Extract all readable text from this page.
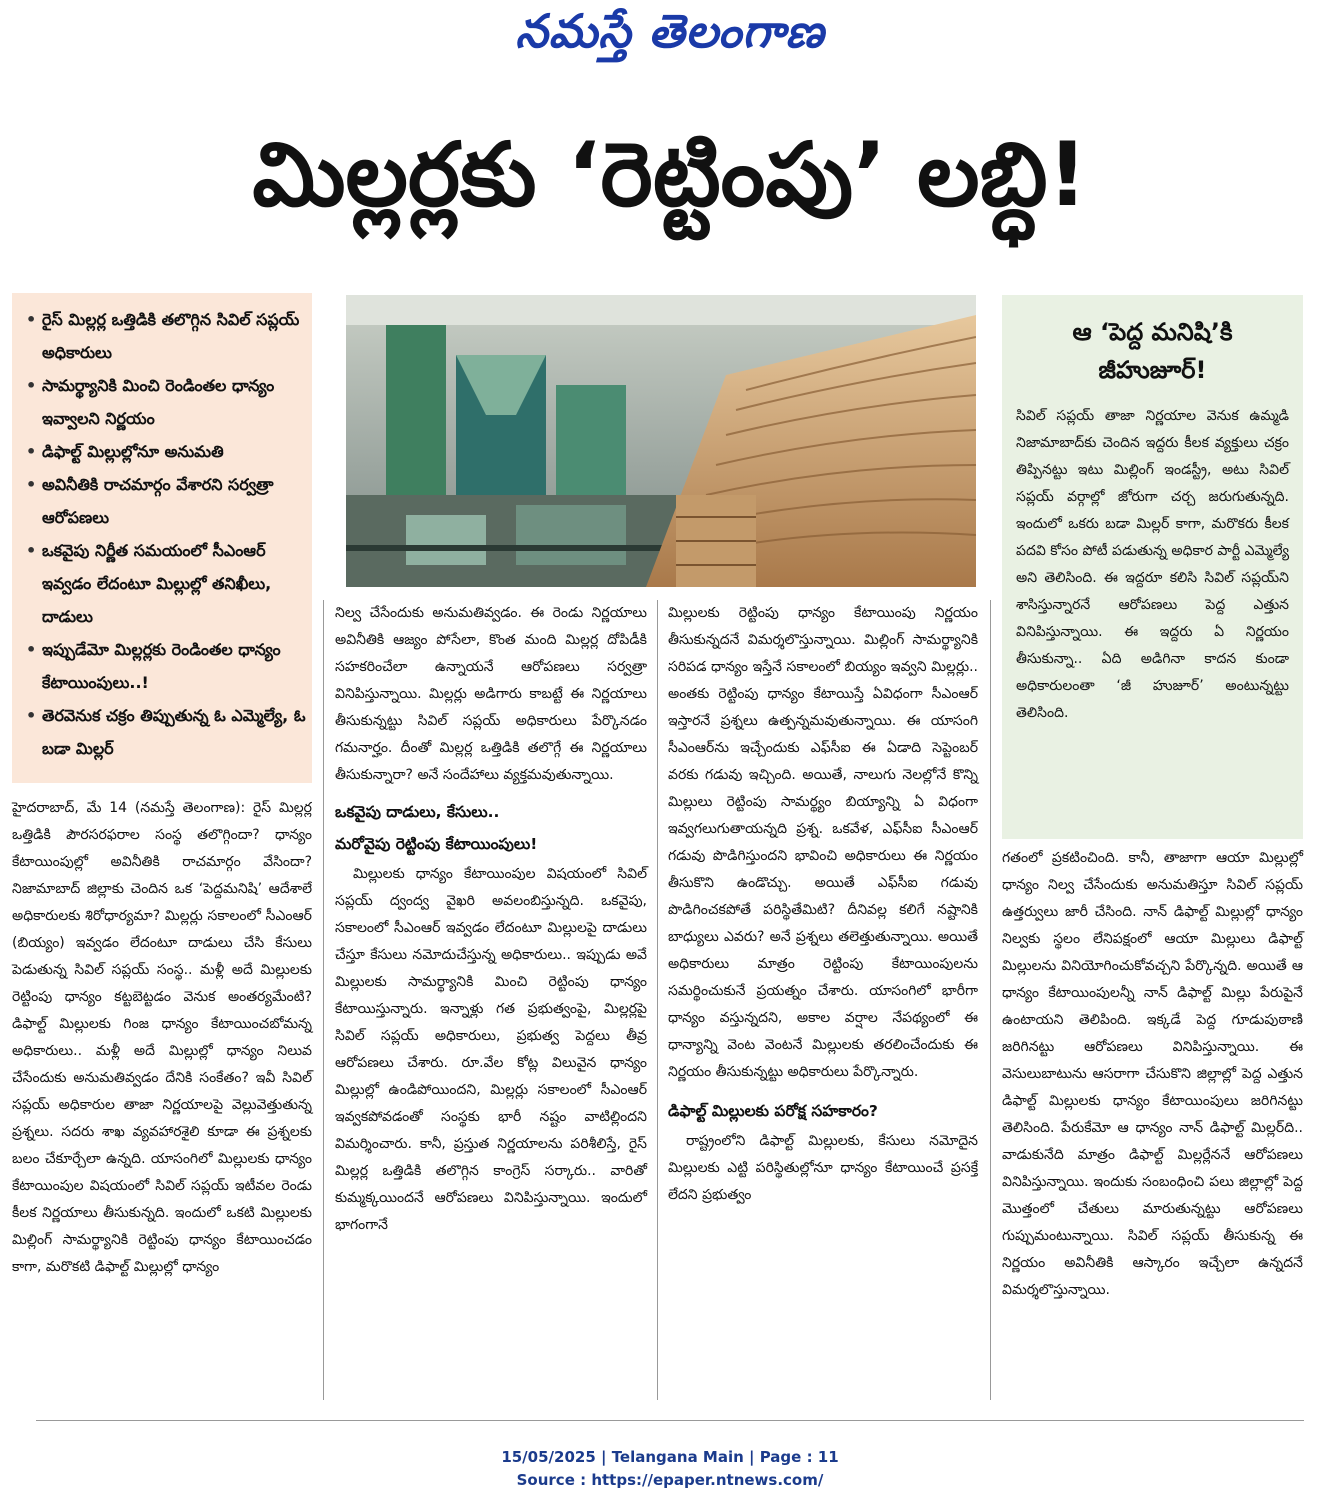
నమస్తే తెలంగాణ
మిల్లర్లకు ‘రెట్టింపు’ లబ్ధి!
• రైస్ మిల్లర్ల ఒత్తిడికి తలొగ్గిన సివిల్ సప్లయ్ అధికారులు
• సామర్థ్యానికి మించి రెండింతల ధాన్యం ఇవ్వాలని నిర్ణయం
• డిఫాల్ట్ మిల్లుల్లోనూ అనుమతి
• అవినీతికి రాచమార్గం వేశారని సర్వత్రా ఆరోపణలు
• ఒకవైపు నిర్ణీత సమయంలో సీఎంఆర్ ఇవ్వడం లేదంటూ మిల్లుల్లో తనిఖీలు, దాడులు
• ఇప్పుడేమో మిల్లర్లకు రెండింతల ధాన్యం కేటాయింపులు..!
• తెరవెనుక చక్రం తిప్పుతున్న ఓ ఎమ్మెల్యే, ఓ బడా మిల్లర్
ఆ ‘పెద్ద మనిషి’కి జీహుజూర్!
సివిల్ సప్లయ్ తాజా నిర్ణయాల వెనుక ఉమ్మడి నిజామాబాద్‌కు చెందిన ఇద్దరు కీలక వ్యక్తులు చక్రం తిప్పినట్టు ఇటు మిల్లింగ్ ఇండస్ట్రీ, అటు సివిల్ సప్లయ్ వర్గాల్లో జోరుగా చర్చ జరుగుతున్నది. ఇందులో ఒకరు బడా మిల్లర్ కాగా, మరొకరు కీలక పదవి కోసం పోటీ పడుతున్న అధికార పార్టీ ఎమ్మెల్యే అని తెలిసింది. ఈ ఇద్దరూ కలిసి సివిల్ సప్లయ్‌ని శాసిస్తున్నారనే ఆరోపణలు పెద్ద ఎత్తున వినిపిస్తున్నాయి. ఈ ఇద్దరు ఏ నిర్ణయం తీసుకున్నా.. ఏది అడిగినా కాదన కుండా అధికారులంతా ‘జీ హుజూర్’ అంటున్నట్టు తెలిసింది.

హైదరాబాద్, మే 14 (నమస్తే తెలంగాణ): రైస్ మిల్లర్ల ఒత్తిడికి పౌరసరఫరాల సంస్థ తలొగ్గిందా? ధాన్యం కేటాయింపుల్లో అవినీతికి రాచమార్గం వేసిందా? నిజామాబాద్ జిల్లాకు చెందిన ఒక ‘పెద్దమనిషి’ ఆదేశాలే అధికారులకు శిరోధార్యమా? మిల్లర్లు సకాలంలో సీఎంఆర్ (బియ్యం) ఇవ్వడం లేదంటూ దాడులు చేసి కేసులు పెడుతున్న సివిల్ సప్లయ్ సంస్థ.. మళ్లీ అదే మిల్లులకు రెట్టింపు ధాన్యం కట్టబెట్టడం వెనుక అంతర్యమేంటి? డిఫాల్ట్ మిల్లులకు గింజ ధాన్యం కేటాయించబోమన్న అధికారులు.. మళ్లీ అదే మిల్లుల్లో ధాన్యం నిలువ చేసేందుకు అనుమతివ్వడం దేనికి సంకేతం? ఇవీ సివిల్ సప్లయ్ అధికారుల తాజా నిర్ణయాలపై వెల్లువెత్తుతున్న ప్రశ్నలు. సదరు శాఖ వ్యవహారశైలి కూడా ఈ ప్రశ్నలకు బలం చేకూర్చేలా ఉన్నది. యాసంగిలో మిల్లులకు ధాన్యం కేటాయింపుల విషయంలో సివిల్ సప్లయ్ ఇటీవల రెండు కీలక నిర్ణయాలు తీసుకున్నది. ఇందులో ఒకటి మిల్లులకు మిల్లింగ్ సామర్థ్యానికి రెట్టింపు ధాన్యం కేటాయించడం కాగా, మరొకటి డిఫాల్ట్ మిల్లుల్లో ధాన్యం

నిల్వ చేసేందుకు అనుమతివ్వడం. ఈ రెండు నిర్ణయాలు అవినీతికి ఆజ్యం పోసేలా, కొంత మంది మిల్లర్ల దోపిడీకి సహకరించేలా ఉన్నాయనే ఆరోపణలు సర్వత్రా వినిపిస్తున్నాయి. మిల్లర్లు అడిగారు కాబట్టే ఈ నిర్ణయాలు తీసుకున్నట్టు సివిల్ సప్లయ్ అధికారులు పేర్కొనడం గమనార్హం. దీంతో మిల్లర్ల ఒత్తిడికి తలొగ్గే ఈ నిర్ణయాలు తీసుకున్నారా? అనే సందేహాలు వ్యక్తమవుతున్నాయి.

ఒకవైపు దాడులు, కేసులు..
మరోవైపు రెట్టింపు కేటాయింపులు!

మిల్లులకు ధాన్యం కేటాయింపుల విషయంలో సివిల్ సప్లయ్ ద్వంద్వ వైఖరి అవలంబిస్తున్నది. ఒకవైపు, సకాలంలో సీఎంఆర్ ఇవ్వడం లేదంటూ మిల్లులపై దాడులు చేస్తూ కేసులు నమోదుచేస్తున్న అధికారులు.. ఇప్పుడు అవే మిల్లులకు సామర్థ్యానికి మించి రెట్టింపు ధాన్యం కేటాయిస్తున్నారు. ఇన్నాళ్లు గత ప్రభుత్వంపై, మిల్లర్లపై సివిల్ సప్లయ్ అధికారులు, ప్రభుత్వ పెద్దలు తీవ్ర ఆరోపణలు చేశారు. రూ.వేల కోట్ల విలువైన ధాన్యం మిల్లుల్లో ఉండిపోయిందని, మిల్లర్లు సకాలంలో సీఎంఆర్ ఇవ్వకపోవడంతో సంస్థకు భారీ నష్టం వాటిల్లిందని విమర్శించారు. కానీ, ప్రస్తుత నిర్ణయాలను పరిశీలిస్తే, రైస్ మిల్లర్ల ఒత్తిడికి తలొగ్గిన కాంగ్రెస్ సర్కారు.. వారితో కుమ్మక్కయిందనే ఆరోపణలు వినిపిస్తున్నాయి. ఇందులో భాగంగానే

మిల్లులకు రెట్టింపు ధాన్యం కేటాయింపు నిర్ణయం తీసుకున్నదనే విమర్శలొస్తున్నాయి. మిల్లింగ్ సామర్థ్యానికి సరిపడ ధాన్యం ఇస్తేనే సకాలంలో బియ్యం ఇవ్వని మిల్లర్లు.. అంతకు రెట్టింపు ధాన్యం కేటాయిస్తే ఏవిధంగా సీఎంఆర్ ఇస్తారనే ప్రశ్నలు ఉత్పన్నమవుతున్నాయి. ఈ యాసంగి సీఎంఆర్‌ను ఇచ్చేందుకు ఎఫ్‌సీఐ ఈ ఏడాది సెప్టెంబర్ వరకు గడువు ఇచ్చింది. అయితే, నాలుగు నెలల్లోనే కొన్ని మిల్లులు రెట్టింపు సామర్థ్యం బియ్యాన్ని ఏ విధంగా ఇవ్వగలుగుతాయన్నది ప్రశ్న. ఒకవేళ, ఎఫ్‌సీఐ సీఎంఆర్ గడువు పొడిగిస్తుందని భావించి అధికారులు ఈ నిర్ణయం తీసుకొని ఉండొచ్చు. అయితే ఎఫ్‌సీఐ గడువు పొడిగించకపోతే పరిస్థితేమిటి? దీనివల్ల కలిగే నష్టానికి బాధ్యులు ఎవరు? అనే ప్రశ్నలు తలెత్తుతున్నాయి. అయితే అధికారులు మాత్రం రెట్టింపు కేటాయింపులను సమర్థించుకునే ప్రయత్నం చేశారు. యాసంగిలో భారీగా ధాన్యం వస్తున్నదని, అకాల వర్షాల నేపథ్యంలో ఈ ధాన్యాన్ని వెంట వెంటనే మిల్లులకు తరలించేందుకు ఈ నిర్ణయం తీసుకున్నట్టు అధికారులు పేర్కొన్నారు.

డిఫాల్ట్ మిల్లులకు పరోక్ష సహకారం?

రాష్ట్రంలోని డిఫాల్ట్ మిల్లులకు, కేసులు నమోదైన మిల్లులకు ఎట్టి పరిస్థితుల్లోనూ ధాన్యం కేటాయించే ప్రసక్తే లేదని ప్రభుత్వం

గతంలో ప్రకటించింది. కానీ, తాజాగా ఆయా మిల్లుల్లో ధాన్యం నిల్వ చేసేందుకు అనుమతిస్తూ సివిల్ సప్లయ్ ఉత్తర్వులు జారీ చేసింది. నాన్ డిఫాల్ట్ మిల్లుల్లో ధాన్యం నిల్వకు స్థలం లేనిపక్షంలో ఆయా మిల్లులు డిఫాల్ట్ మిల్లులను వినియోగించుకోవచ్చని పేర్కొన్నది. అయితే ఆ ధాన్యం కేటాయింపులన్నీ నాన్ డిఫాల్ట్ మిల్లు పేరుపైనే ఉంటాయని తెలిపింది. ఇక్కడే పెద్ద గూడుపుఠాణి జరిగినట్టు ఆరోపణలు వినిపిస్తున్నాయి. ఈ వెసులుబాటును ఆసరాగా చేసుకొని జిల్లాల్లో పెద్ద ఎత్తున డిఫాల్ట్ మిల్లులకు ధాన్యం కేటాయింపులు జరిగినట్టు తెలిసింది. పేరుకేమో ఆ ధాన్యం నాన్ డిఫాల్ట్ మిల్లర్‌ది.. వాడుకునేది మాత్రం డిఫాల్ట్ మిల్లర్లేననే ఆరోపణలు వినిపిస్తున్నాయి. ఇందుకు సంబంధించి పలు జిల్లాల్లో పెద్ద మొత్తంలో చేతులు మారుతున్నట్టు ఆరోపణలు గుప్పుమంటున్నాయి. సివిల్ సప్లయ్ తీసుకున్న ఈ నిర్ణయం అవినీతికి ఆస్కారం ఇచ్చేలా ఉన్నదనే విమర్శలొస్తున్నాయి.

15/05/2025 | Telangana Main | Page : 11
Source : https://epaper.ntnews.com/
